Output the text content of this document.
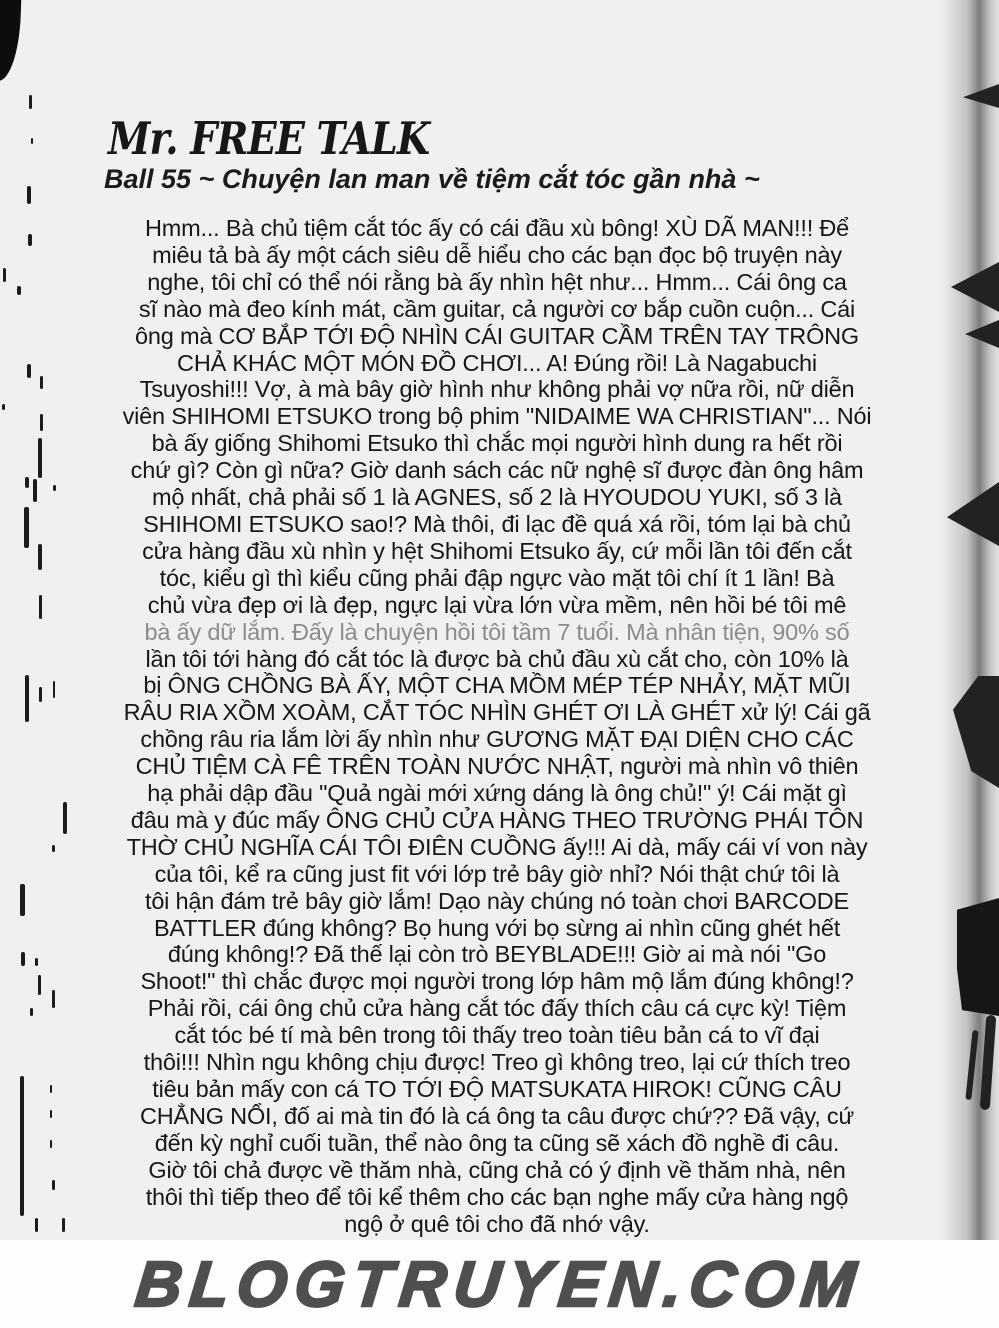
Mr. FREE TALK
Ball 55 ~ Chuyện lan man về tiệm cắt tóc gần nhà ~
Hmm... Bà chủ tiệm cắt tóc ấy có cái đầu xù bông! XÙ DÃ MAN!!! Để
miêu tả bà ấy một cách siêu dễ hiểu cho các bạn đọc bộ truyện này
nghe, tôi chỉ có thể nói rằng bà ấy nhìn hệt như... Hmm... Cái ông ca
sĩ nào mà đeo kính mát, cầm guitar, cả người cơ bắp cuồn cuộn... Cái
ông mà CƠ BẮP TỚI ĐỘ NHÌN CÁI GUITAR CẦM TRÊN TAY TRÔNG
CHẢ KHÁC MỘT MÓN ĐỒ CHƠI... A! Đúng rồi! Là Nagabuchi
Tsuyoshi!!! Vợ, à mà bây giờ hình như không phải vợ nữa rồi, nữ diễn
viên SHIHOMI ETSUKO trong bộ phim "NIDAIME WA CHRISTIAN"... Nói
bà ấy giống Shihomi Etsuko thì chắc mọi người hình dung ra hết rồi
chứ gì? Còn gì nữa? Giờ danh sách các nữ nghệ sĩ được đàn ông hâm
mộ nhất, chả phải số 1 là AGNES, số 2 là HYOUDOU YUKI, số 3 là
SHIHOMI ETSUKO sao!? Mà thôi, đi lạc đề quá xá rồi, tóm lại bà chủ
cửa hàng đầu xù nhìn y hệt Shihomi Etsuko ấy, cứ mỗi lần tôi đến cắt
tóc, kiểu gì thì kiểu cũng phải đập ngực vào mặt tôi chí ít 1 lần! Bà
chủ vừa đẹp ơi là đẹp, ngực lại vừa lớn vừa mềm, nên hồi bé tôi mê
bà ấy dữ lắm. Đấy là chuyện hồi tôi tầm 7 tuổi. Mà nhân tiện, 90% số
lần tôi tới hàng đó cắt tóc là được bà chủ đầu xù cắt cho, còn 10% là
bị ÔNG CHỒNG BÀ ẤY, MỘT CHA MỒM MÉP TÉP NHẢY, MẶT MŨI
RÂU RIA XỒM XOÀM, CẮT TÓC NHÌN GHÉT ƠI LÀ GHÉT xử lý! Cái gã
chồng râu ria lắm lời ấy nhìn như GƯƠNG MẶT ĐẠI DIỆN CHO CÁC
CHỦ TIỆM CÀ FÊ TRÊN TOÀN NƯỚC NHẬT, người mà nhìn vô thiên
hạ phải dập đầu "Quả ngài mới xứng dáng là ông chủ!" ý! Cái mặt gì
đâu mà y đúc mấy ÔNG CHỦ CỬA HÀNG THEO TRƯỜNG PHÁI TÔN
THỜ CHỦ NGHĨA CÁI TÔI ĐIÊN CUỒNG ấy!!! Ai dà, mấy cái ví von này
của tôi, kể ra cũng just fit với lớp trẻ bây giờ nhỉ? Nói thật chứ tôi là
tôi hận đám trẻ bây giờ lắm! Dạo này chúng nó toàn chơi BARCODE
BATTLER đúng không? Bọ hung với bọ sừng ai nhìn cũng ghét hết
đúng không!? Đã thế lại còn trò BEYBLADE!!! Giờ ai mà nói "Go
Shoot!" thì chắc được mọi người trong lớp hâm mộ lắm đúng không!?
Phải rồi, cái ông chủ cửa hàng cắt tóc đấy thích câu cá cực kỳ! Tiệm
cắt tóc bé tí mà bên trong tôi thấy treo toàn tiêu bản cá to vĩ đại
thôi!!! Nhìn ngu không chịu được! Treo gì không treo, lại cứ thích treo
tiêu bản mấy con cá TO TỚI ĐỘ MATSUKATA HIROK! CŨNG CÂU
CHẲNG NỔI, đố ai mà tin đó là cá ông ta câu được chứ?? Đã vậy, cứ
đến kỳ nghỉ cuối tuần, thể nào ông ta cũng sẽ xách đồ nghề đi câu.
Giờ tôi chả được về thăm nhà, cũng chả có ý định về thăm nhà, nên
thôi thì tiếp theo để tôi kể thêm cho các bạn nghe mấy cửa hàng ngộ
ngộ ở quê tôi cho đã nhớ vậy.
BLOGTRUYEN.COM
